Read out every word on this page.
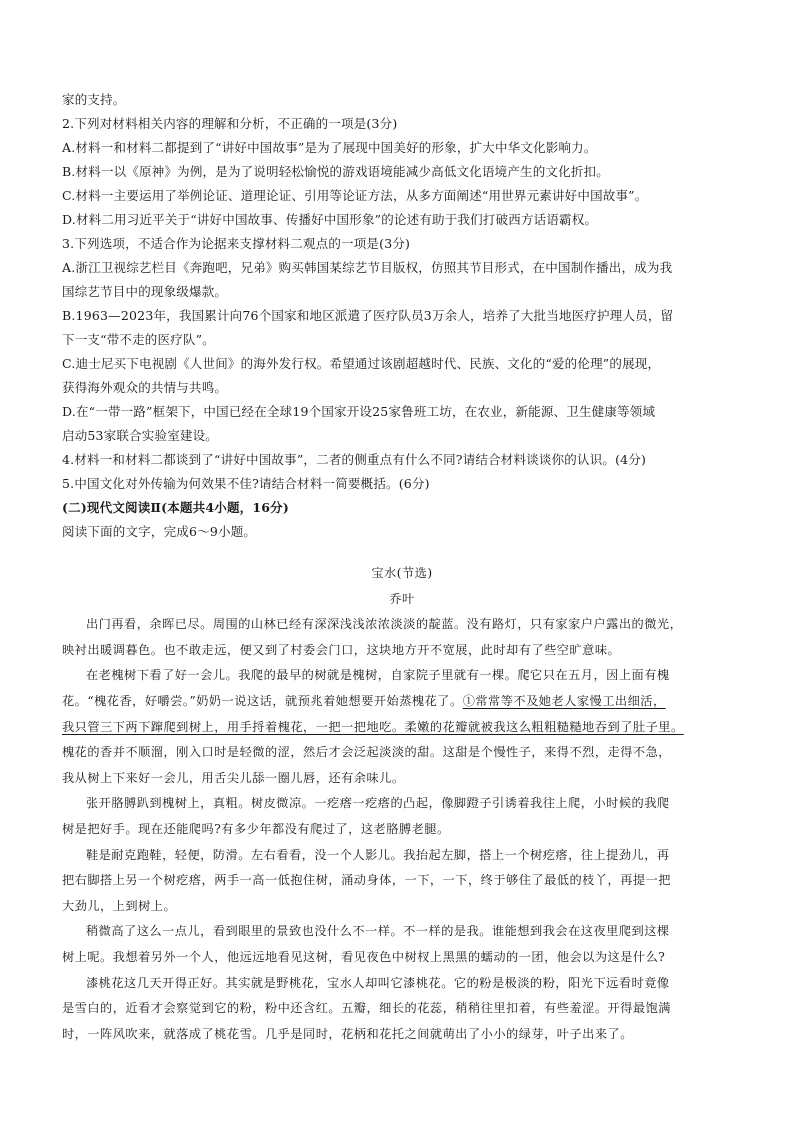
家的支持。

2.下列对材料相关内容的理解和分析，不正确的一项是(3分)

A.材料一和材料二都提到了“讲好中国故事”是为了展现中国美好的形象，扩大中华文化影响力。

B.材料一以《原神》为例，是为了说明轻松愉悦的游戏语境能减少高低文化语境产生的文化折扣。

C.材料一主要运用了举例论证、道理论证、引用等论证方法，从多方面阐述“用世界元素讲好中国故事”。

D.材料二用习近平关于“讲好中国故事、传播好中国形象”的论述有助于我们打破西方话语霸权。

3.下列选项，不适合作为论据来支撑材料二观点的一项是(3分)

A.浙江卫视综艺栏目《奔跑吧，兄弟》购买韩国某综艺节目版权，仿照其节目形式，在中国制作播出，成为我

国综艺节目中的现象级爆款。

B.1963—2023年，我国累计向76个国家和地区派遣了医疗队员3万余人，培养了大批当地医疗护理人员，留

下一支“带不走的医疗队”。

C.迪士尼买下电视剧《人世间》的海外发行权。希望通过该剧超越时代、民族、文化的“爱的伦理”的展现，

获得海外观众的共情与共鸣。

D.在“一带一路”框架下，中国已经在全球19个国家开设25家鲁班工坊，在农业，新能源、卫生健康等领域

启动53家联合实验室建设。

4.材料一和材料二都谈到了“讲好中国故事”，二者的侧重点有什么不同?请结合材料谈谈你的认识。(4分)

5.中国文化对外传输为何效果不佳?请结合材料一简要概括。(6分)

(二)现代文阅读Ⅱ(本题共4小题，16分)

阅读下面的文字，完成6～9小题。

宝水(节选)

乔叶

出门再看，余晖已尽。周围的山林已经有深深浅浅浓浓淡淡的靛蓝。没有路灯，只有家家户户露出的微光，

映衬出暖调暮色。也不敢走远，便又到了村委会门口，这块地方开不宽展，此时却有了些空旷意味。

在老槐树下看了好一会儿。我爬的最早的树就是槐树，自家院子里就有一棵。爬它只在五月，因上面有槐

花。“槐花香，好嚼尝。”奶奶一说这话，就预兆着她想要开始蒸槐花了。①常常等不及她老人家慢工出细活，

我只管三下两下蹿爬到树上，用手捋着槐花，一把一把地吃。柔嫩的花瓣就被我这么粗粗糙糙地吞到了肚子里。

槐花的香并不顺溜，刚入口时是轻微的涩，然后才会泛起淡淡的甜。这甜是个慢性子，来得不烈，走得不急，

我从树上下来好一会儿，用舌尖儿舔一圈儿唇，还有余味儿。

张开胳膊趴到槐树上，真粗。树皮微凉。一疙瘩一疙瘩的凸起，像脚蹬子引诱着我往上爬，小时候的我爬

树是把好手。现在还能爬吗?有多少年都没有爬过了，这老胳膊老腿。

鞋是耐克跑鞋，轻便，防滑。左右看看，没一个人影儿。我抬起左脚，搭上一个树疙瘩，往上提劲儿，再

把右脚搭上另一个树疙瘩，两手一高一低抱住树，涌动身体，一下，一下，终于够住了最低的枝丫，再提一把

大劲儿，上到树上。

稍微高了这么一点儿，看到眼里的景致也没什么不一样。不一样的是我。谁能想到我会在这夜里爬到这棵

树上呢。我想着另外一个人，他远远地看见这树，看见夜色中树杈上黑黑的蠕动的一团，他会以为这是什么?

漆桃花这几天开得正好。其实就是野桃花，宝水人却叫它漆桃花。它的粉是极淡的粉，阳光下远看时竟像

是雪白的，近看才会察觉到它的粉，粉中还含红。五瓣，细长的花蕊，稍稍往里扣着，有些羞涩。开得最饱满

时，一阵风吹来，就落成了桃花雪。几乎是同时，花柄和花托之间就萌出了小小的绿芽，叶子出来了。
